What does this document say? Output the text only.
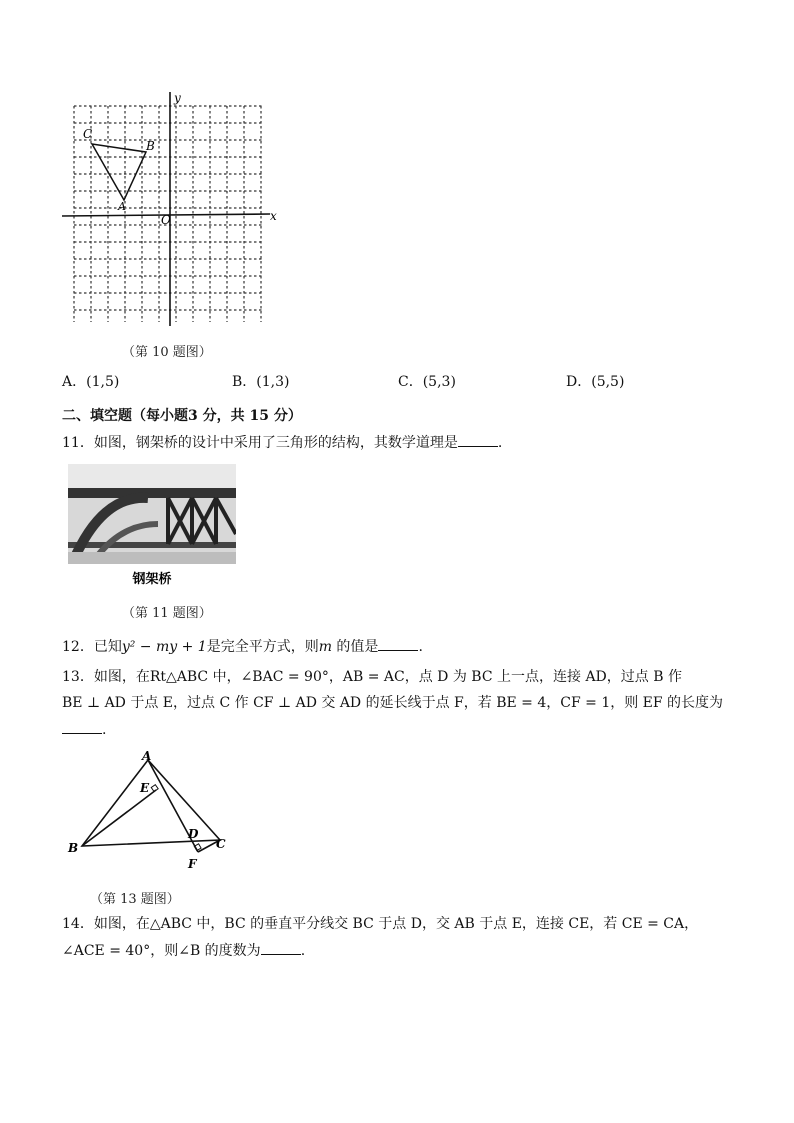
C
B
A
O	x
y
（第 10 题图）
A．(1,5)	B．(1,3)	C．(5,3)	D．(5,5)
二、填空题（每小题3 分，共 15 分）
11．如图，钢架桥的设计中采用了三角形的结构，其数学道理是	.
钢架桥
（第 11 题图）
12．已知y² − my + 1是完全平方式，则m 的值是	.
13．如图，在Rt△ABC 中，∠BAC = 90°，AB = AC，点 D 为 BC 上一点，连接 AD，过点 B 作
BE ⊥ AD 于点 E，过点 C 作 CF ⊥ AD 交 AD 的延长线于点 F，若 BE = 4，CF = 1，则 EF 的长度为
.
A
E
B
D
C
F
（第 13 题图）
14．如图，在△ABC 中，BC 的垂直平分线交 BC 于点 D，交 AB 于点 E，连接 CE，若 CE = CA，
∠ACE = 40°，则∠B 的度数为	.
